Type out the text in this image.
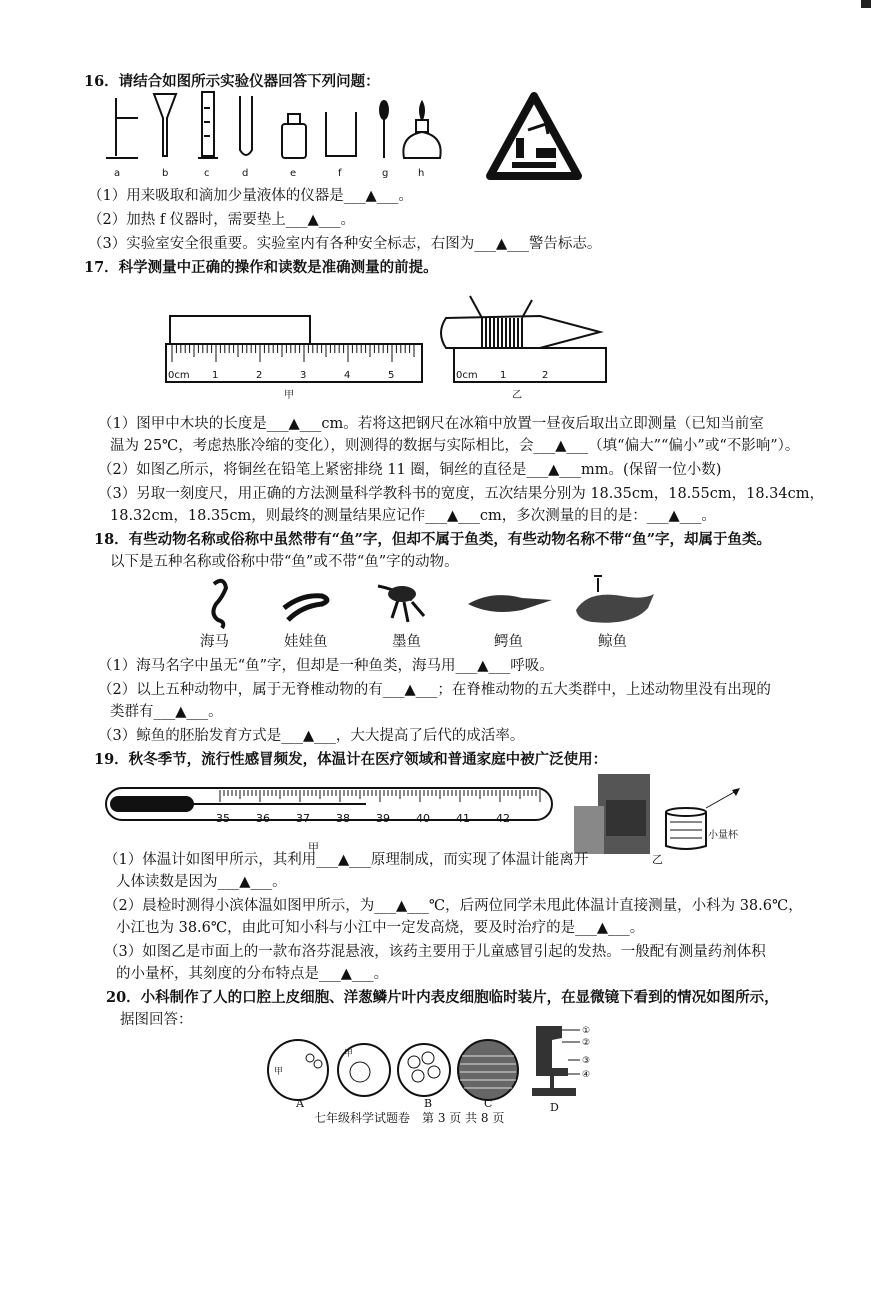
16．请结合如图所示实验仪器回答下列问题：
a	b	c	d	e	f	g	h
（1）用来吸取和滴加少量液体的仪器是___▲___。
（2）加热 f 仪器时，需要垫上___▲___。
（3）实验室安全很重要。实验室内有各种安全标志，右图为___▲___警告标志。
17．科学测量中正确的操作和读数是准确测量的前提。
0cm 1	2	3	4	5	0cm 1	2
甲	乙
（1）图甲中木块的长度是___▲___cm。若将这把钢尺在冰箱中放置一昼夜后取出立即测量（已知当前室
温为 25℃，考虑热胀冷缩的变化），则测得的数据与实际相比，会___▲___（填“偏大”“偏小”或“不影响”）。
（2）如图乙所示，将铜丝在铅笔上紧密排绕 11 圈，铜丝的直径是___▲___mm。(保留一位小数)
（3）另取一刻度尺，用正确的方法测量科学教科书的宽度，五次结果分别为 18.35cm，18.55cm，18.34cm，
18.32cm，18.35cm，则最终的测量结果应记作___▲___cm，多次测量的目的是：___▲___。
18．有些动物名称或俗称中虽然带有“鱼”字，但却不属于鱼类，有些动物名称不带“鱼”字，却属于鱼类。
以下是五种名称或俗称中带“鱼”或不带“鱼”字的动物。
海马	娃娃鱼	墨鱼	鳄鱼	鲸鱼
（1）海马名字中虽无“鱼”字，但却是一种鱼类，海马用___▲___呼吸。
（2）以上五种动物中，属于无脊椎动物的有___▲___；在脊椎动物的五大类群中，上述动物里没有出现的
类群有___▲___。
（3）鲸鱼的胚胎发育方式是___▲___，大大提高了后代的成活率。
19．秋冬季节，流行性感冒频发，体温计在医疗领域和普通家庭中被广泛使用：
35 36 37 38 39 40 41 42
小量杯
甲
乙
（1）体温计如图甲所示，其利用___▲___原理制成，而实现了体温计能离开
人体读数是因为___▲___。
（2）晨检时测得小滨体温如图甲所示，为___▲___℃，后两位同学未甩此体温计直接测量，小科为 38.6℃，
小江也为 38.6℃，由此可知小科与小江中一定发高烧，要及时治疗的是___▲___。
（3）如图乙是市面上的一款布洛芬混悬液，该药主要用于儿童感冒引起的发热。一般配有测量药剂体积
的小量杯，其刻度的分布特点是___▲___。
20．小科制作了人的口腔上皮细胞、洋葱鳞片叶内表皮细胞临时装片，在显微镜下看到的情况如图所示，
据图回答：
①
②
③
④
甲
甲
A	B	C	D
七年级科学试题卷　第 3 页 共 8 页
